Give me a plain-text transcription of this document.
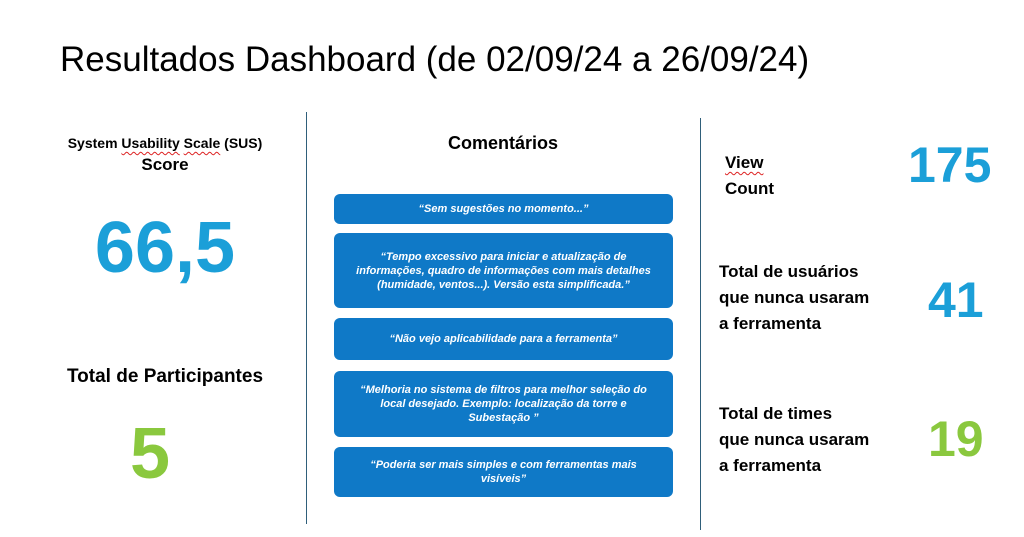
Resultados Dashboard (de 02/09/24 a 26/09/24)
System Usability Scale (SUS)
Score
66,5
Total de Participantes
5
Comentários
“Sem sugestões no momento...”
“Tempo excessivo para iniciar e atualização de informações, quadro de informações com mais detalhes (humidade, ventos...). Versão esta simplificada.”
“Não vejo aplicabilidade para a ferramenta”
“Melhoria no sistema de filtros para melhor seleção do local desejado. Exemplo: localização da torre e Subestação ”
“Poderia ser mais simples e com ferramentas mais visíveis”
View
Count	175
Total de usuários
que nunca usaram
a ferramenta	41
Total de times
que nunca usaram
a ferramenta	19
